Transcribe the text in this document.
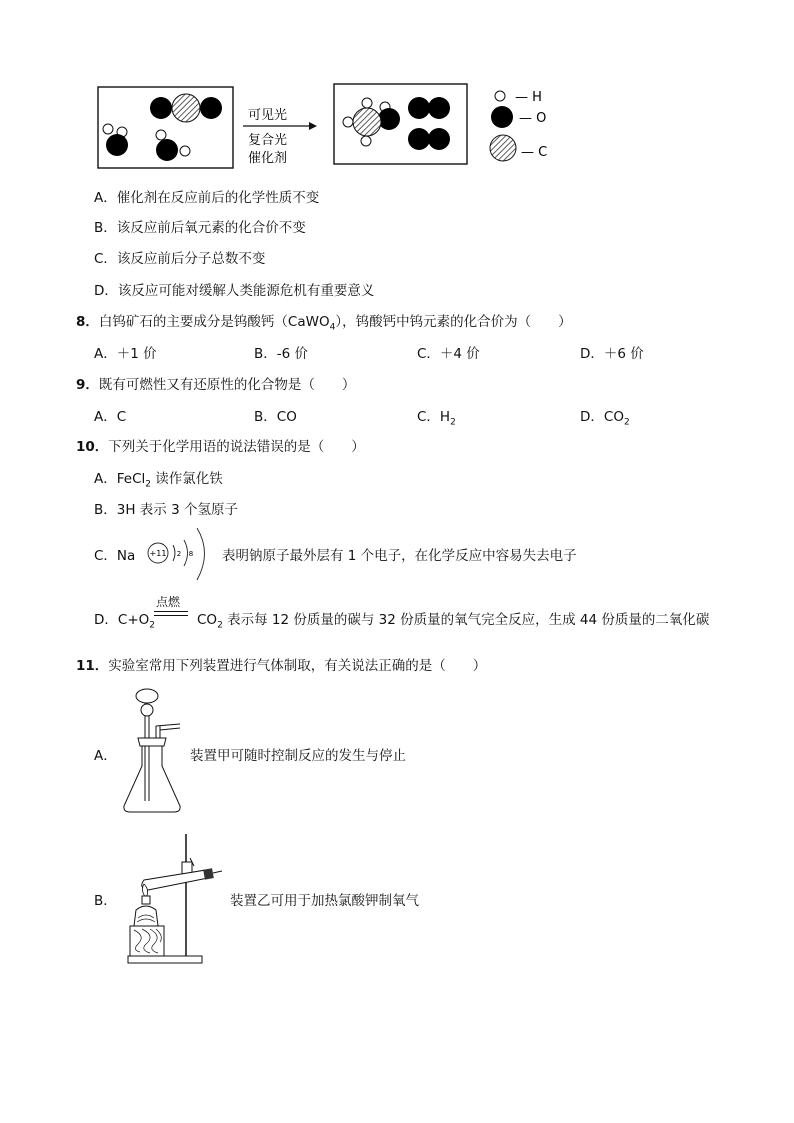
可见光
复合光
催化剂
— H
— O
— C
A．催化剂在反应前后的化学性质不变
B．该反应前后氧元素的化合价不变
C．该反应前后分子总数不变
D．该反应可能对缓解人类能源危机有重要意义
8．白钨矿石的主要成分是钨酸钙（CaWO$_4$），钨酸钙中钨元素的化合价为（　　）
A．＋1 价	B．-6 价	C．＋4 价	D．＋6 价
9．既有可燃性又有还原性的化合物是（　　）
A．C	B．CO	C．$H_2$	D．$CO_2$
10．下列关于化学用语的说法错误的是（　　）
A．FeCl$_2$ 读作氯化铁
B．3H 表示 3 个氢原子
C．Na +11 2 8 表明钠原子最外层有 1 个电子，在化学反应中容易失去电子
D．$C+O_2$
点燃
$CO_2$ 表示每 12 份质量的碳与 32 份质量的氧气完全反应，生成 44 份质量的二氧化碳
11．实验室常用下列装置进行气体制取，有关说法正确的是（　　）
A．	装置甲可随时控制反应的发生与停止
B．	装置乙可用于加热氯酸钾制氧气
